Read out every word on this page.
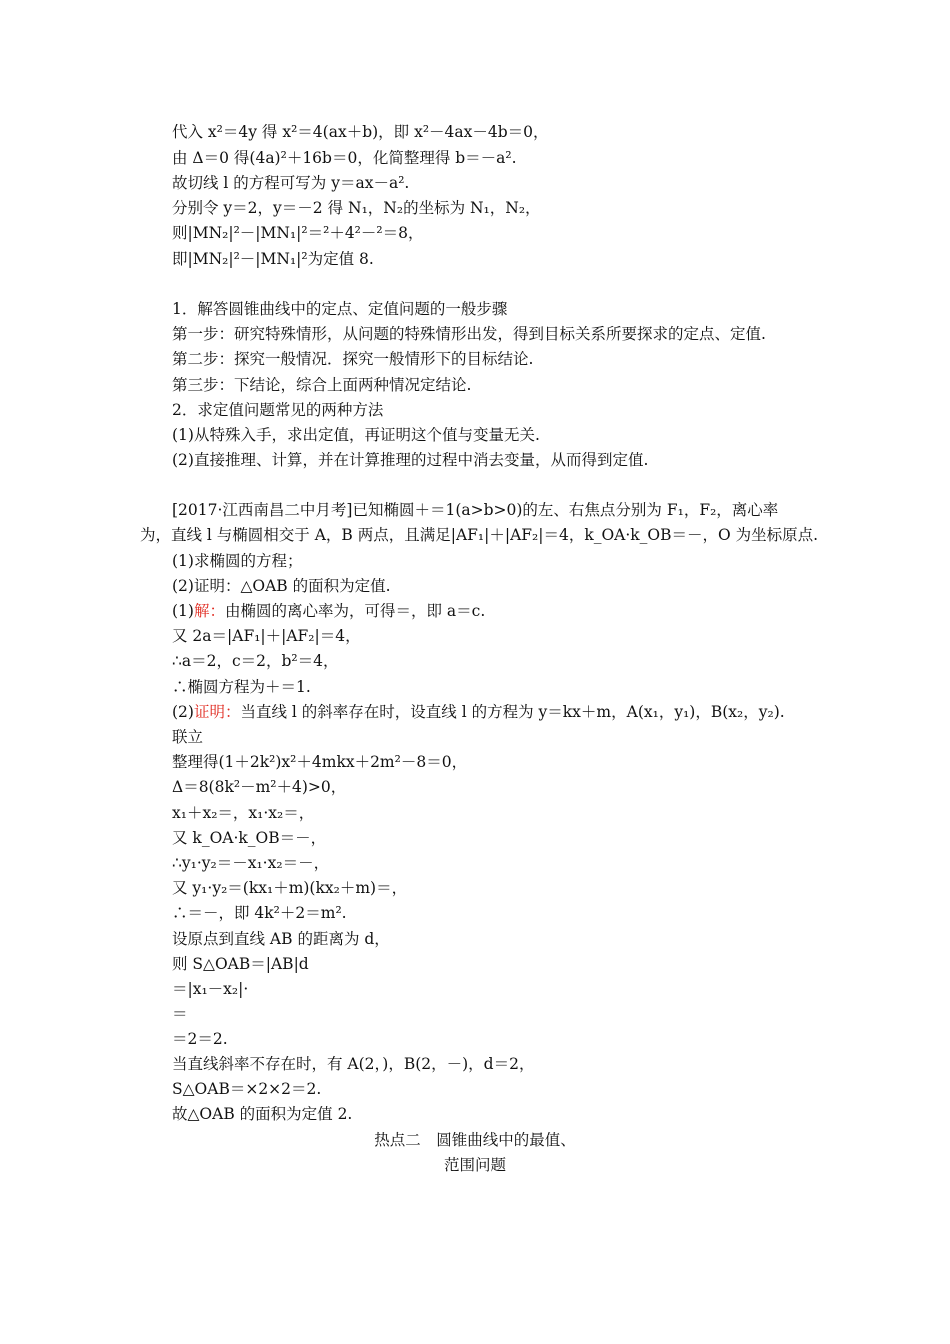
代入 x²＝4y 得 x²＝4(ax＋b)，即 x²－4ax－4b＝0，
由 Δ＝0 得(4a)²＋16b＝0，化简整理得 b＝－a².
故切线 l 的方程可写为 y＝ax－a².
分别令 y＝2，y＝－2 得 N₁，N₂的坐标为 N₁，N₂，
则|MN₂|²－|MN₁|²＝²＋4²－²＝8，
即|MN₂|²－|MN₁|²为定值 8.
1．解答圆锥曲线中的定点、定值问题的一般步骤
第一步：研究特殊情形，从问题的特殊情形出发，得到目标关系所要探求的定点、定值.
第二步：探究一般情况．探究一般情形下的目标结论.
第三步：下结论，综合上面两种情况定结论.
2．求定值问题常见的两种方法
(1)从特殊入手，求出定值，再证明这个值与变量无关.
(2)直接推理、计算，并在计算推理的过程中消去变量，从而得到定值.
[2017·江西南昌二中月考]已知椭圆＋＝1(a>b>0)的左、右焦点分别为 F₁，F₂，离心率
为，直线 l 与椭圆相交于 A，B 两点，且满足|AF₁|＋|AF₂|＝4，k_OA·k_OB＝－，O 为坐标原点.
(1)求椭圆的方程；
(2)证明：△OAB 的面积为定值.
(1)解：由椭圆的离心率为，可得＝，即 a＝c.
又 2a＝|AF₁|＋|AF₂|＝4，
∴a＝2，c＝2，b²＝4，
∴椭圆方程为＋＝1.
(2)证明：当直线 l 的斜率存在时，设直线 l 的方程为 y＝kx＋m，A(x₁，y₁)，B(x₂，y₂).
联立
整理得(1＋2k²)x²＋4mkx＋2m²－8＝0，
Δ＝8(8k²－m²＋4)>0，
x₁＋x₂＝，x₁·x₂＝，
又 k_OA·k_OB＝－，
∴y₁·y₂＝－x₁·x₂＝－，
又 y₁·y₂＝(kx₁＋m)(kx₂＋m)＝，
∴＝－，即 4k²＋2＝m².
设原点到直线 AB 的距离为 d，
则 S△OAB＝|AB|d
＝|x₁－x₂|·
＝
＝2＝2.
当直线斜率不存在时，有 A(2，)，B(2，－)，d＝2，
S△OAB＝×2×2＝2.
故△OAB 的面积为定值 2.
热点二　圆锥曲线中的最值、
范围问题
